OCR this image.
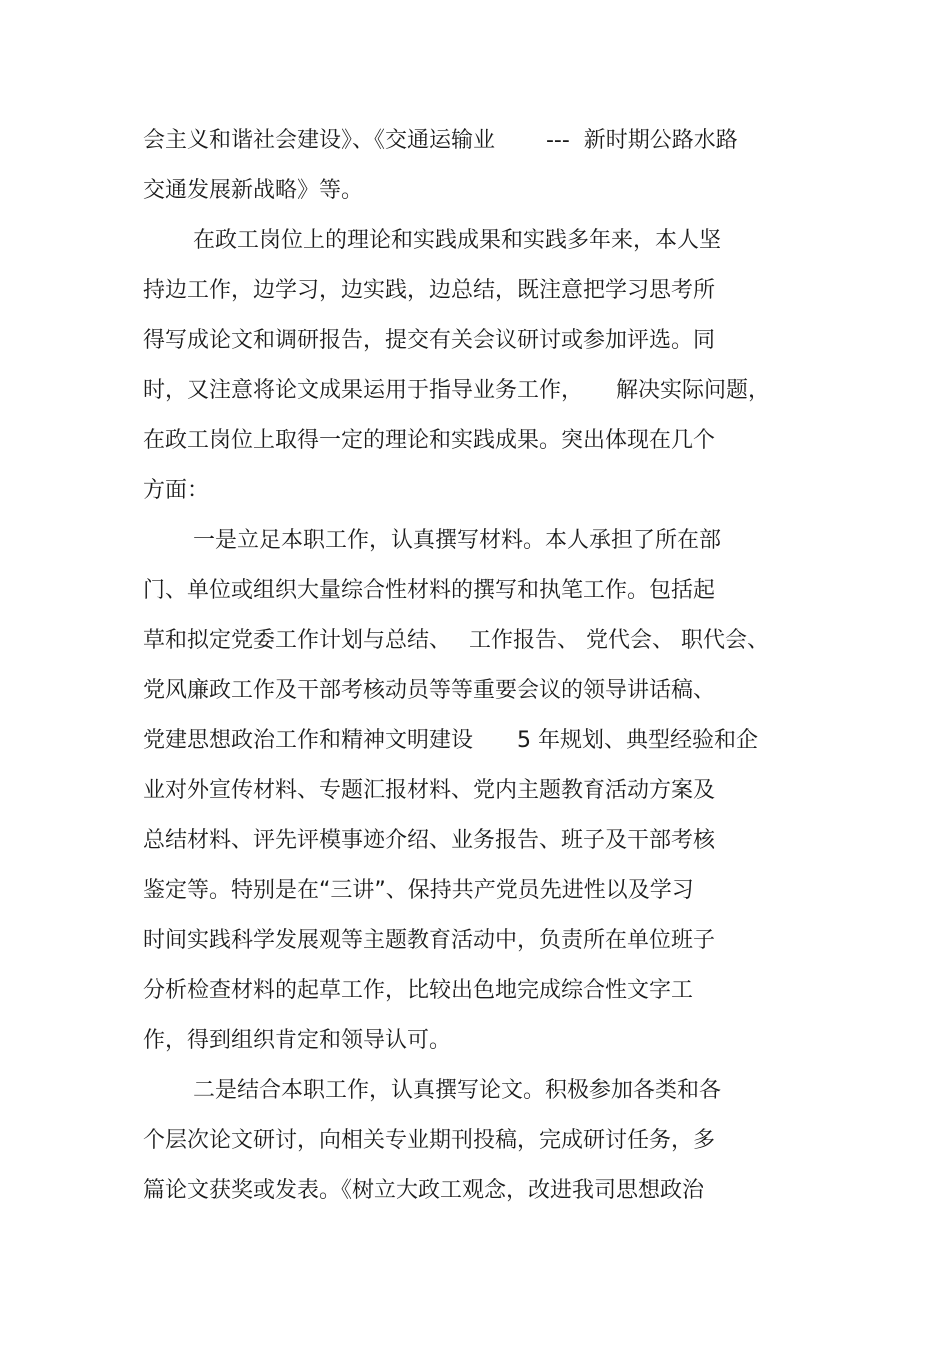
会主义和谐社会建设》、《交通运输业　　 ---  新时期公路水路
交通发展新战略》等。
在政工岗位上的理论和实践成果和实践多年来，本人坚
持边工作，边学习，边实践，边总结，既注意把学习思考所
得写成论文和调研报告，提交有关会议研讨或参加评选。同
时，又注意将论文成果运用于指导业务工作，　　解决实际问题，
在政工岗位上取得一定的理论和实践成果。突出体现在几个
方面：
一是立足本职工作，认真撰写材料。本人承担了所在部
门、单位或组织大量综合性材料的撰写和执笔工作。包括起
草和拟定党委工作计划与总结、　 工作报告、 党代会、 职代会、
党风廉政工作及干部考核动员等等重要会议的领导讲话稿、
党建思想政治工作和精神文明建设　　5 年规划、典型经验和企
业对外宣传材料、专题汇报材料、党内主题教育活动方案及
总结材料、评先评模事迹介绍、业务报告、班子及干部考核
鉴定等。特别是在“三讲”、保持共产党员先进性以及学习
时间实践科学发展观等主题教育活动中，负责所在单位班子
分析检查材料的起草工作，比较出色地完成综合性文字工
作，得到组织肯定和领导认可。
二是结合本职工作，认真撰写论文。积极参加各类和各
个层次论文研讨，向相关专业期刊投稿，完成研讨任务，多
篇论文获奖或发表。《树立大政工观念，改进我司思想政治
